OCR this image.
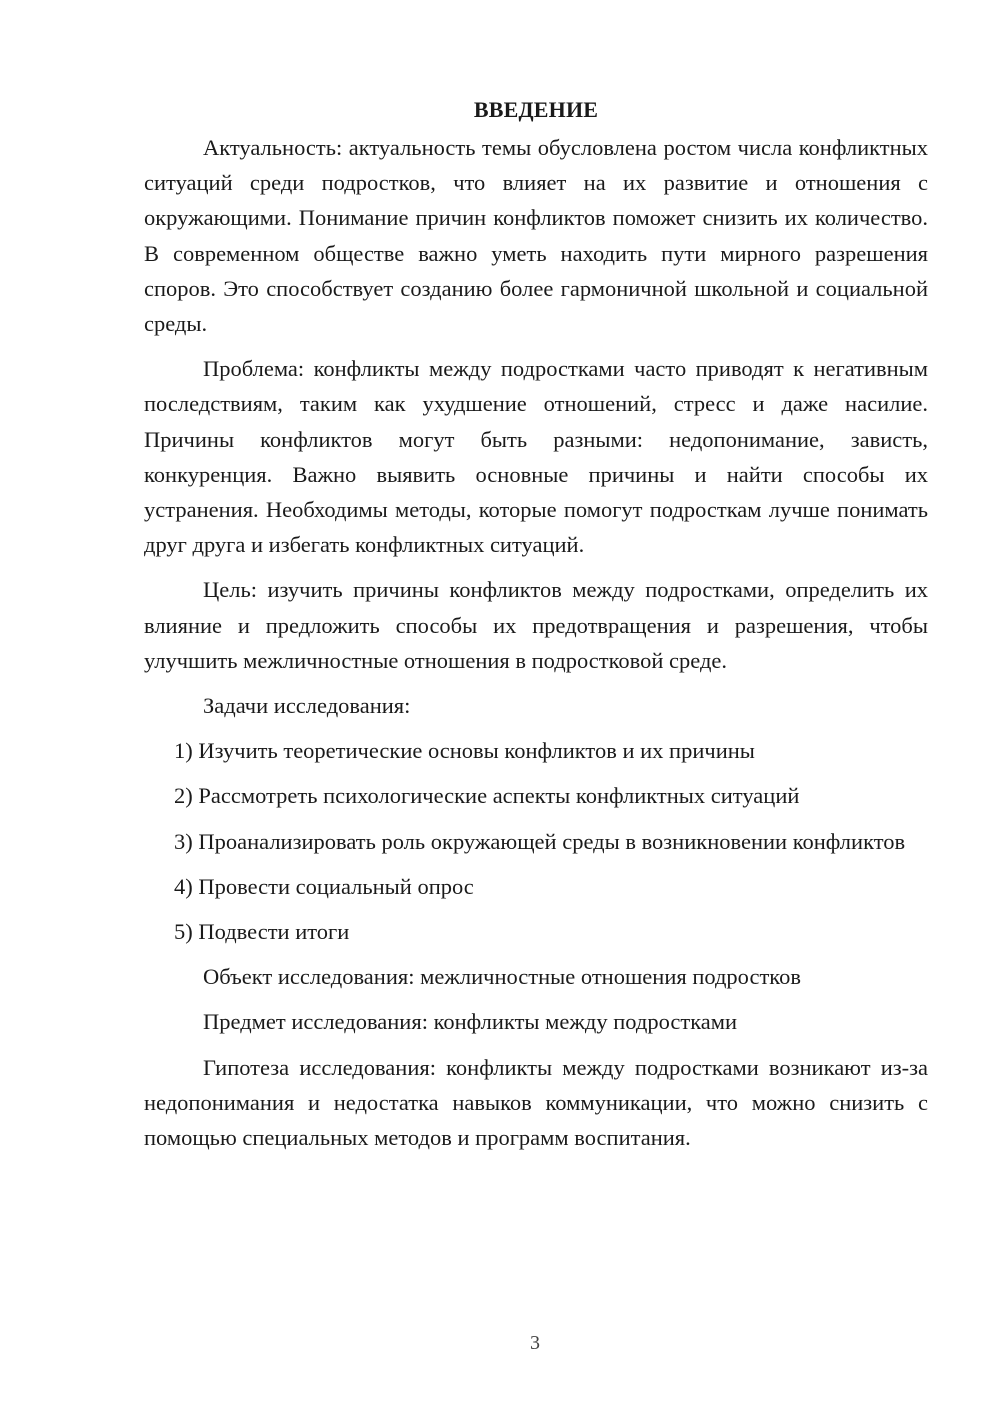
ВВЕДЕНИЕ

Актуальность: актуальность темы обусловлена ростом числа конфликтных ситуаций среди подростков, что влияет на их развитие и отношения с окружающими. Понимание причин конфликтов поможет снизить их количество. В современном обществе важно уметь находить пути мирного разрешения споров. Это способствует созданию более гармоничной школьной и социальной среды.

Проблема: конфликты между подростками часто приводят к негативным последствиям, таким как ухудшение отношений, стресс и даже насилие. Причины конфликтов могут быть разными: недопонимание, зависть, конкуренция. Важно выявить основные причины и найти способы их устранения. Необходимы методы, которые помогут подросткам лучше понимать друг друга и избегать конфликтных ситуаций.

Цель: изучить причины конфликтов между подростками, определить их влияние и предложить способы их предотвращения и разрешения, чтобы улучшить межличностные отношения в подростковой среде.

Задачи исследования:

1) Изучить теоретические основы конфликтов и их причины

2) Рассмотреть психологические аспекты конфликтных ситуаций

3) Проанализировать роль окружающей среды в возникновении конфликтов

4) Провести социальный опрос

5) Подвести итоги

Объект исследования: межличностные отношения подростков

Предмет исследования: конфликты между подростками

Гипотеза исследования: конфликты между подростками возникают из-за недопонимания и недостатка навыков коммуникации, что можно снизить с помощью специальных методов и программ воспитания.

3
